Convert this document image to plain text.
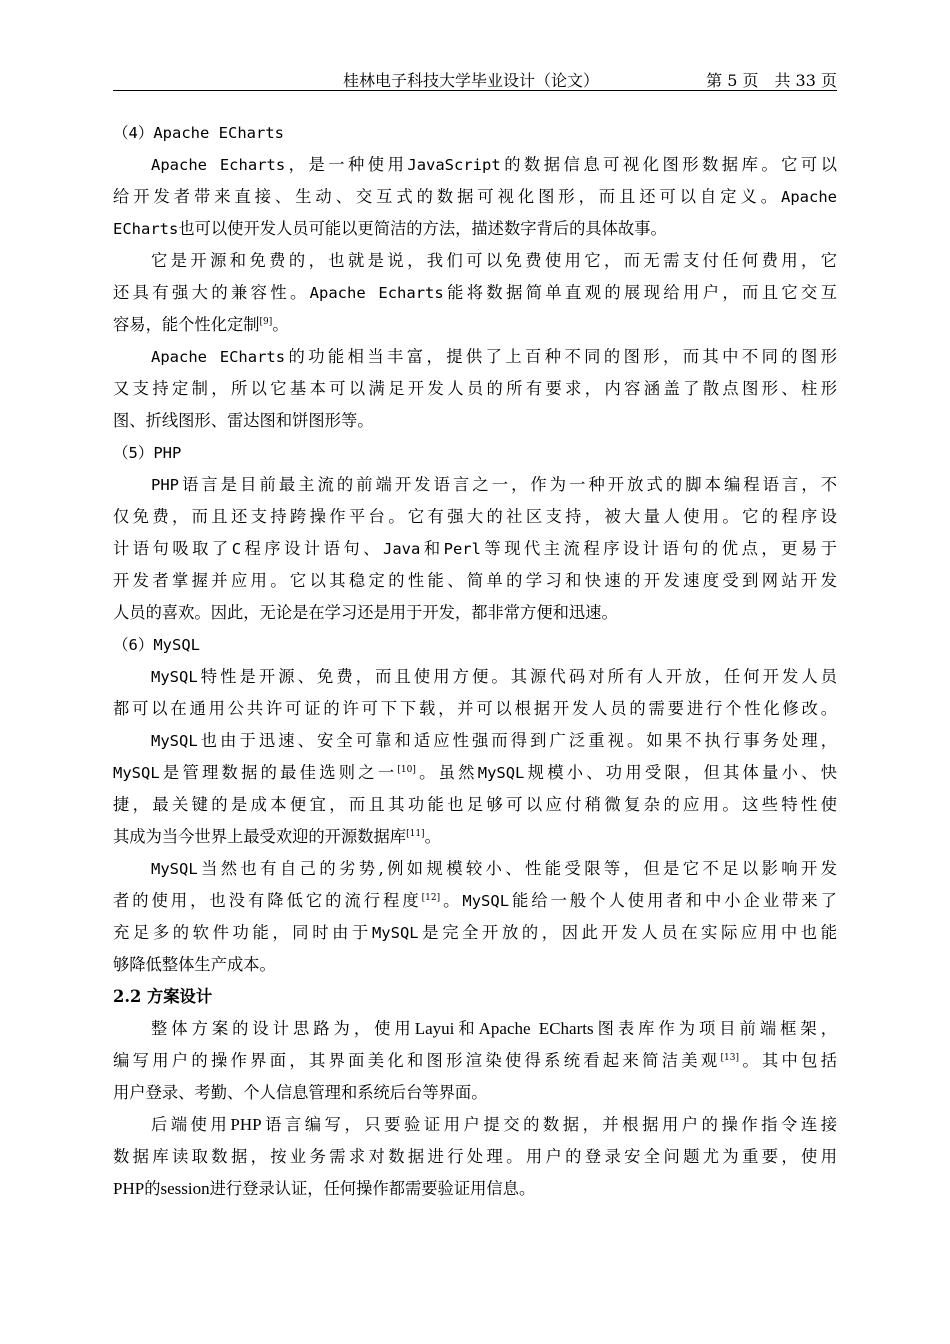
桂林电子科技大学毕业设计（论文）	第 5 页　共 33 页
（4）Apache ECharts
Apache Echarts，是一种使用JavaScript的数据信息可视化图形数据库。它可以
给开发者带来直接、生动、交互式的数据可视化图形，而且还可以自定义。Apache
ECharts也可以使开发人员可能以更简洁的方法，描述数字背后的具体故事。
它是开源和免费的，也就是说，我们可以免费使用它，而无需支付任何费用，它
还具有强大的兼容性。Apache Echarts能将数据简单直观的展现给用户，而且它交互
容易，能个性化定制[9]。
Apache ECharts的功能相当丰富，提供了上百种不同的图形，而其中不同的图形
又支持定制，所以它基本可以满足开发人员的所有要求，内容涵盖了散点图形、柱形
图、折线图形、雷达图和饼图形等。
（5）PHP
PHP语言是目前最主流的前端开发语言之一，作为一种开放式的脚本编程语言，不
仅免费，而且还支持跨操作平台。它有强大的社区支持，被大量人使用。它的程序设
计语句吸取了C程序设计语句、Java和Perl等现代主流程序设计语句的优点，更易于
开发者掌握并应用。它以其稳定的性能、简单的学习和快速的开发速度受到网站开发
人员的喜欢。因此，无论是在学习还是用于开发，都非常方便和迅速。
（6）MySQL
MySQL特性是开源、免费，而且使用方便。其源代码对所有人开放，任何开发人员
都可以在通用公共许可证的许可下下载，并可以根据开发人员的需要进行个性化修改。
MySQL也由于迅速、安全可靠和适应性强而得到广泛重视。如果不执行事务处理，
MySQL是管理数据的最佳选则之一[10]。虽然MySQL规模小、功用受限，但其体量小、快
捷，最关键的是成本便宜，而且其功能也足够可以应付稍微复杂的应用。这些特性使
其成为当今世界上最受欢迎的开源数据库[11]。
MySQL当然也有自己的劣势,例如规模较小、性能受限等，但是它不足以影响开发
者的使用，也没有降低它的流行程度[12]。MySQL能给一般个人使用者和中小企业带来了
充足多的软件功能，同时由于MySQL是完全开放的，因此开发人员在实际应用中也能
够降低整体生产成本。
2.2 方案设计
整体方案的设计思路为，使用Layui和Apache ECharts图表库作为项目前端框架，
编写用户的操作界面，其界面美化和图形渲染使得系统看起来简洁美观[13]。其中包括
用户登录、考勤、个人信息管理和系统后台等界面。
后端使用PHP语言编写，只要验证用户提交的数据，并根据用户的操作指令连接
数据库读取数据，按业务需求对数据进行处理。用户的登录安全问题尤为重要，使用
PHP的session进行登录认证，任何操作都需要验证用信息。
